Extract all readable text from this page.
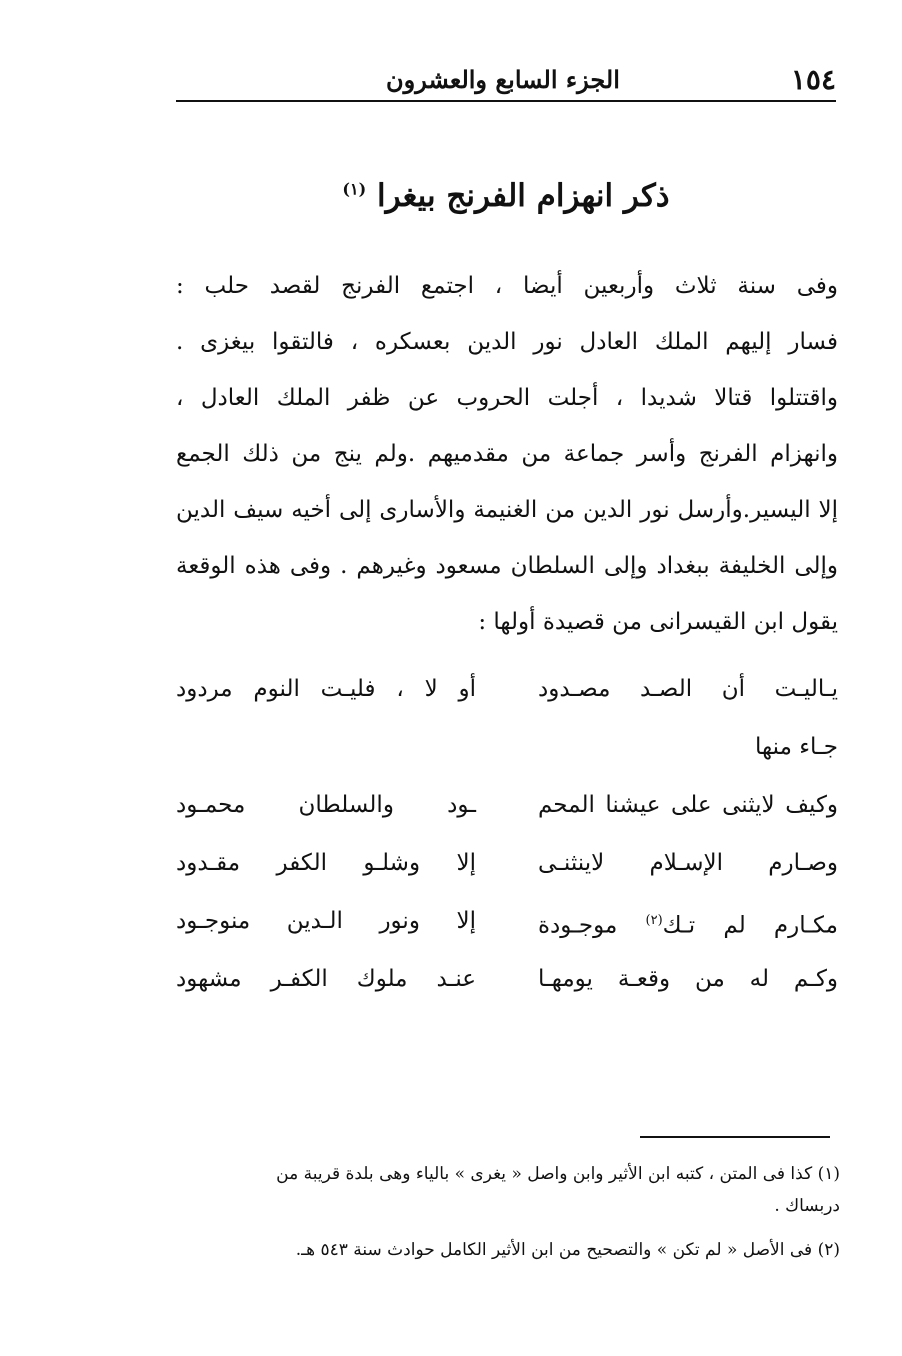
١٥٤
الجزء السابع والعشرون
ذكر انهزام الفرنج بيغرا $^{(١)}$
وفى سنة ثلاث وأربعين أيضا ، اجتمع الفرنج لقصد حلب :
فسار إليهم الملك العادل نور الدين بعسكره ، فالتقوا بيغزى .
واقتتلوا قتالا شديدا ، أجلت الحروب عن ظفر الملك العادل ،
وانهزام الفرنج وأسر جماعة من مقدميهم .ولم ينج من ذلك الجمع
إلا اليسير.وأرسل نور الدين من الغنيمة والأسارى إلى أخيه سيف الدين
وإلى الخليفة ببغداد وإلى السلطان مسعود وغيرهم . وفى هذه الوقعة
يقول ابن القيسرانى من قصيدة أولها :
يـاليـت أن الصـد مصـدود
أو لا ، فليـت النوم مردود
جـاء منها
وكيف لايثنى على عيشنا المحم
ـود والسلطان محمـود
وصـارم الإسـلام لاينثنـى
إلا وشلـو الكفر مقـدود
مكـارم لم تـك$^{(٢)}$ موجـودة
إلا ونور الـدين منوجـود
وكـم له من وقعـة يومهـا
عنـد ملوك الكفـر مشهود
(١) كذا فى المتن ، كتبه ابن الأثير وابن واصل « يغرى » بالياء وهى بلدة قريبة من
دربساك .
(٢) فى الأصل « لم تكن » والتصحيح من ابن الأثير الكامل حوادث سنة ٥٤٣ هـ.
